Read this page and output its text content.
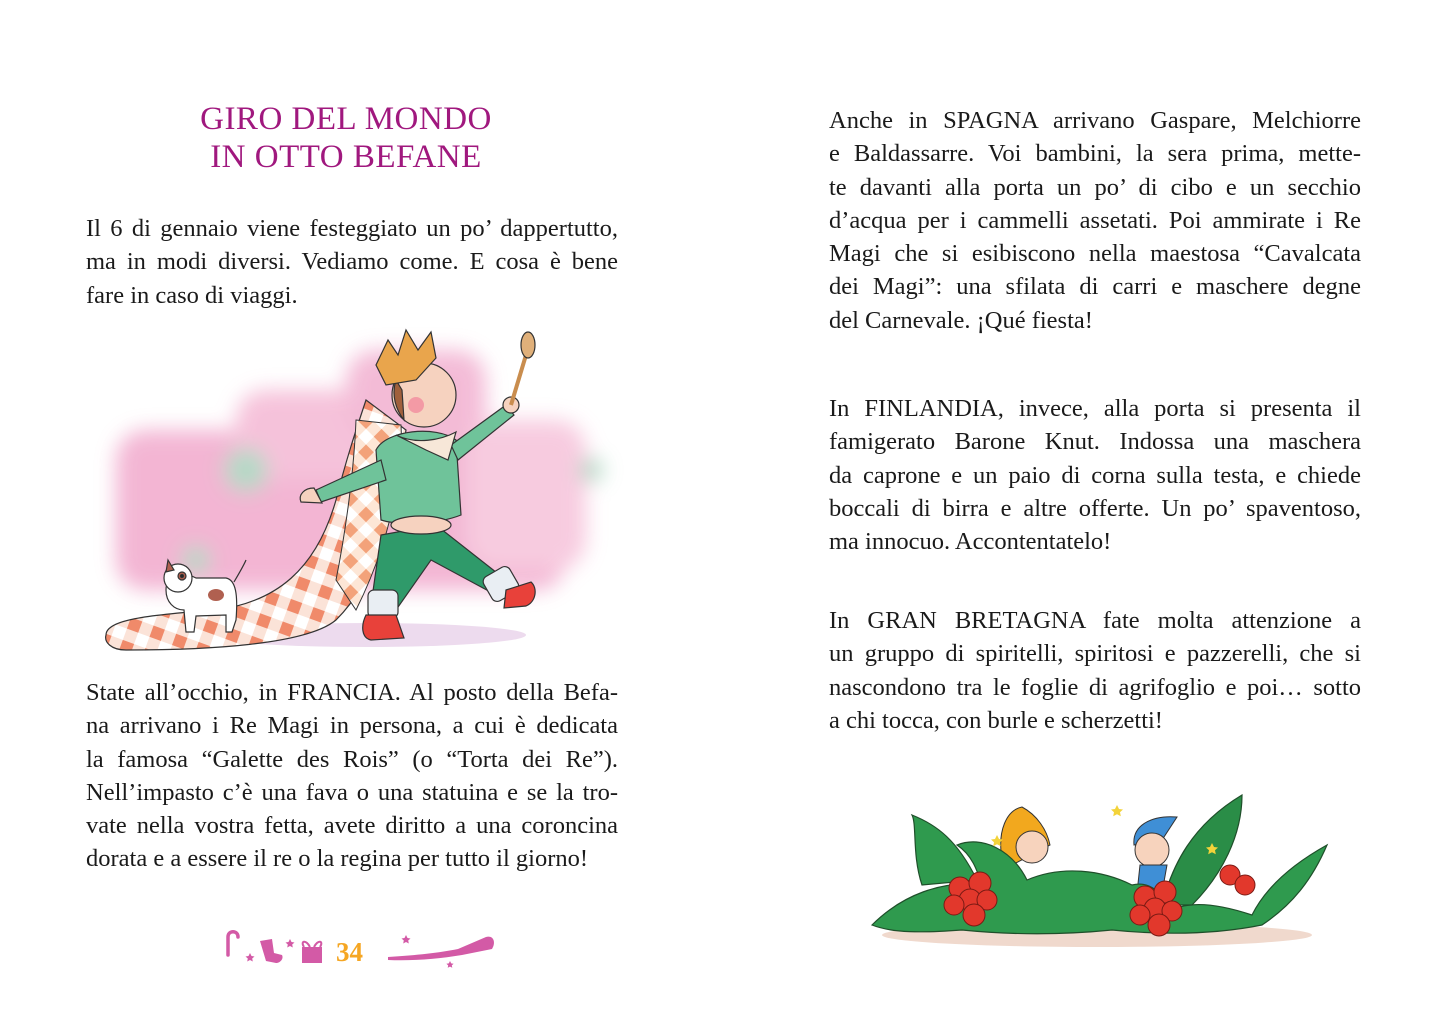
GIRO DEL MONDO
IN OTTO BEFANE
Il 6 di gennaio viene festeggiato un po’ dappertutto,
ma in modi diversi. Vediamo come. E cosa è bene
fare in caso di viaggi.
State all’occhio, in FRANCIA. Al posto della Befa-
na arrivano i Re Magi in persona, a cui è dedicata
la famosa “Galette des Rois” (o “Torta dei Re”).
Nell’impasto c’è una fava o una statuina e se la tro-
vate nella vostra fetta, avete diritto a una coroncina
dorata e a essere il re o la regina per tutto il giorno!
34
Anche in SPAGNA arrivano Gaspare, Melchiorre
e Baldassarre. Voi bambini, la sera prima, mette-
te davanti alla porta un po’ di cibo e un secchio
d’acqua per i cammelli assetati. Poi ammirate i Re
Magi che si esibiscono nella maestosa “Cavalcata
dei Magi”: una sfilata di carri e maschere degne
del Carnevale. ¡Qué fiesta!
In FINLANDIA, invece, alla porta si presenta il
famigerato Barone Knut. Indossa una maschera
da caprone e un paio di corna sulla testa, e chiede
boccali di birra e altre offerte. Un po’ spaventoso,
ma innocuo. Accontentatelo!
In GRAN BRETAGNA fate molta attenzione a
un gruppo di spiritelli, spiritosi e pazzerelli, che si
nascondono tra le foglie di agrifoglio e poi… sotto
a chi tocca, con burle e scherzetti!
